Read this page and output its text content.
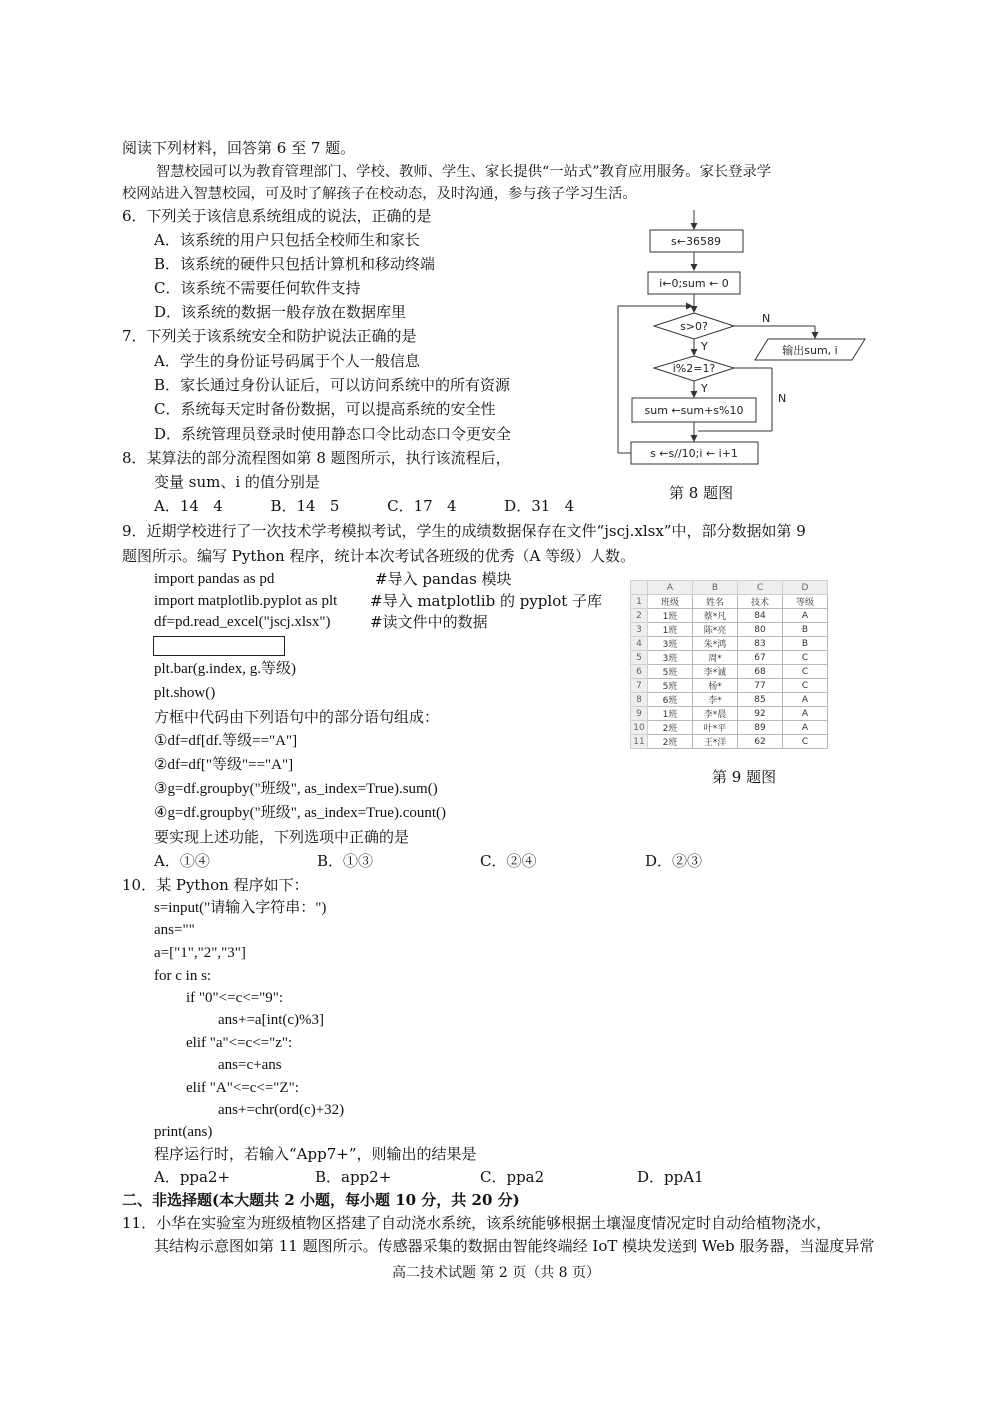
阅读下列材料，回答第 6 至 7 题。
智慧校园可以为教育管理部门、学校、教师、学生、家长提供“一站式”教育应用服务。家长登录学
校网站进入智慧校园，可及时了解孩子在校动态，及时沟通，参与孩子学习生活。
6．下列关于该信息系统组成的说法，正确的是
A．该系统的用户只包括全校师生和家长
B．该系统的硬件只包括计算机和移动终端
C．该系统不需要任何软件支持
D．该系统的数据一般存放在数据库里
7．下列关于该系统安全和防护说法正确的是
A．学生的身份证号码属于个人一般信息
B．家长通过身份认证后，可以访问系统中的所有资源
C．系统每天定时备份数据，可以提高系统的安全性
D．系统管理员登录时使用静态口令比动态口令更安全
8．某算法的部分流程图如第 8 题图所示，执行该流程后，
变量 sum、i 的值分别是
A．14   4          B．14   5          C．17   4          D．31   4
s←36589
i←0;sum ← 0
s>0?
N
输出sum, i
Y
i%2=1?
N
Y
sum ←sum+s%10
s ←s//10;i ← i+1
第 8 题图
9．近期学校进行了一次技术学考模拟考试，学生的成绩数据保存在文件“jscj.xlsx”中，部分数据如第 9
题图所示。编写 Python 程序，统计本次考试各班级的优秀（A 等级）人数。
import pandas as pd	#导入 pandas 模块
import matplotlib.pyplot as plt #导入 matplotlib 的 pyplot 子库
df=pd.read_excel("jscj.xlsx")	#读文件中的数据
plt.bar(g.index, g.等级)
plt.show()
方框中代码由下列语句中的部分语句组成：
①df=df[df.等级=="A"]
②df=df["等级"=="A"]
③g=df.groupby("班级", as_index=True).sum()
④g=df.groupby("班级", as_index=True).count()
要实现上述功能，下列选项中正确的是
A．①④	B．①③	C．②④	D．②③
	A	B	C	D
1	班级	姓名	技术	等级
2	1班	蔡*凡	84	A
3	1班	陈*亮	80	B
4	3班	朱*鸿	83	B
5	3班	周*	67	C
6	5班	李*诚	68	C
7	5班	杨*	77	C
8	6班	李*	85	A
9	1班	李*晨	92	A
10	2班	叶*平	89	A
11	2班	王*洋	62	C
第 9 题图
10．某 Python 程序如下：
s=input("请输入字符串：")
ans=""
a=["1","2","3"]
for c in s:
if "0"<=c<="9":
ans+=a[int(c)%3]
elif "a"<=c<="z":
ans=c+ans
elif "A"<=c<="Z":
ans+=chr(ord(c)+32)
print(ans)
程序运行时，若输入“App7+”，则输出的结果是
A．ppa2+	B．app2+	C．ppa2	D．ppA1
二、非选择题(本大题共 2 小题，每小题 10 分，共 20 分)
11．小华在实验室为班级植物区搭建了自动浇水系统，该系统能够根据土壤湿度情况定时自动给植物浇水，
其结构示意图如第 11 题图所示。传感器采集的数据由智能终端经 IoT 模块发送到 Web 服务器，当湿度异常
高二技术试题 第 2 页（共 8 页）
